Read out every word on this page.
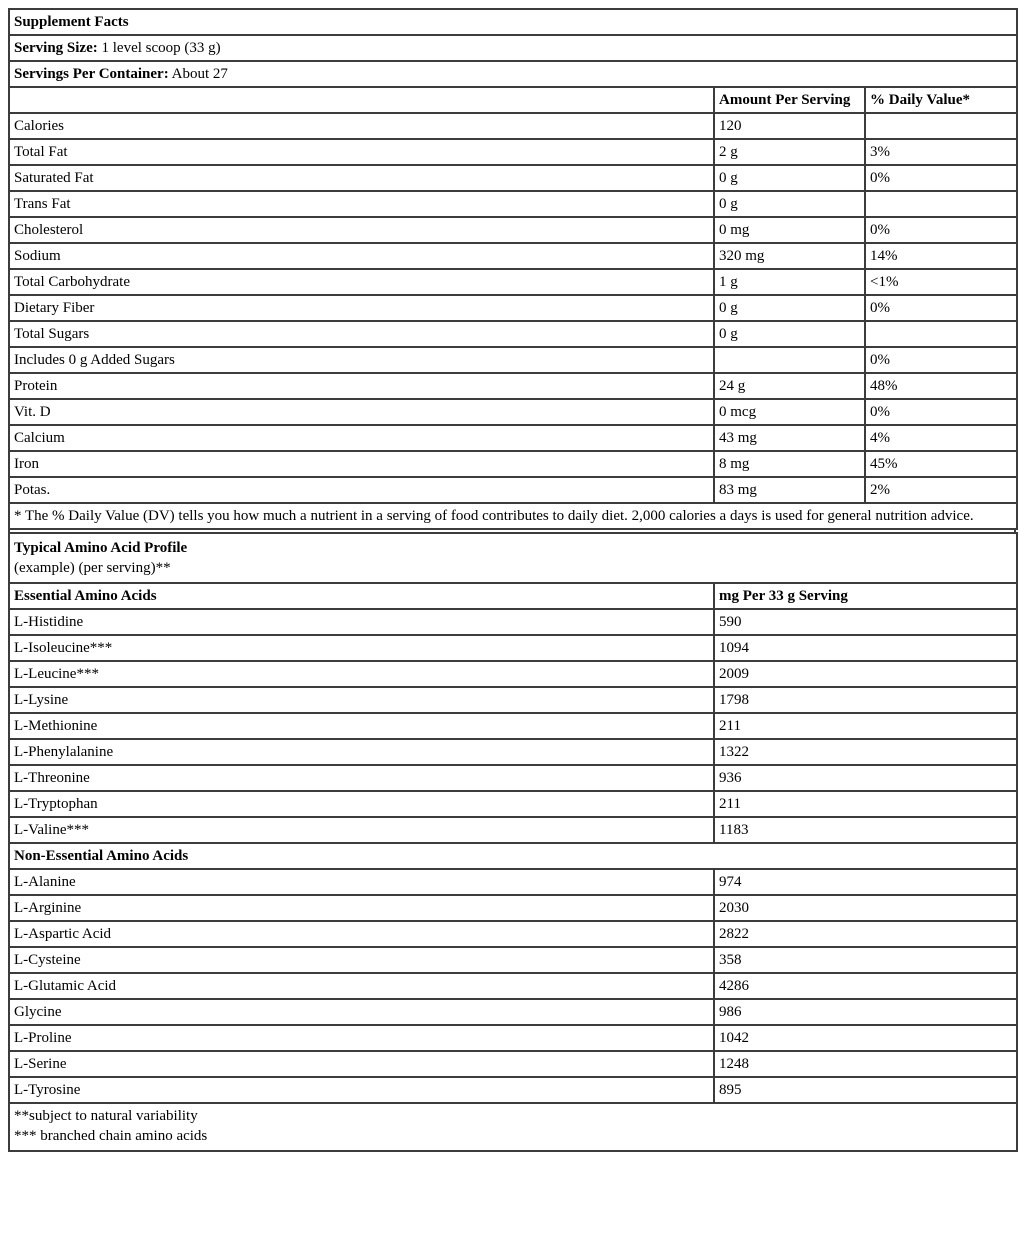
Supplement Facts		
Serving Size: 1 level scoop (33 g)		
Servings Per Container: About 27		
	Amount Per Serving	% Daily Value*
Calories	120	
Total Fat	2 g	3%
Saturated Fat	0 g	0%
Trans Fat	0 g	
Cholesterol	0 mg	0%
Sodium	320 mg	14%
Total Carbohydrate	1 g	<1%
Dietary Fiber	0 g	0%
Total Sugars	0 g	
Includes 0 g Added Sugars		0%
Protein	24 g	48%
Vit. D	0 mcg	0%
Calcium	43 mg	4%
Iron	8 mg	45%
Potas.	83 mg	2%
* The % Daily Value (DV) tells you how much a nutrient in a serving of food contributes to daily diet. 2,000 calories a days is used for general nutrition advice.		
Typical Amino Acid Profile
(example) (per serving)**	
Essential Amino Acids	mg Per 33 g Serving
L-Histidine	590
L-Isoleucine***	1094
L-Leucine***	2009
L-Lysine	1798
L-Methionine	211
L-Phenylalanine	1322
L-Threonine	936
L-Tryptophan	211
L-Valine***	1183
Non-Essential Amino Acids	
L-Alanine	974
L-Arginine	2030
L-Aspartic Acid	2822
L-Cysteine	358
L-Glutamic Acid	4286
Glycine	986
L-Proline	1042
L-Serine	1248
L-Tyrosine	895
**subject to natural variability
*** branched chain amino acids	
